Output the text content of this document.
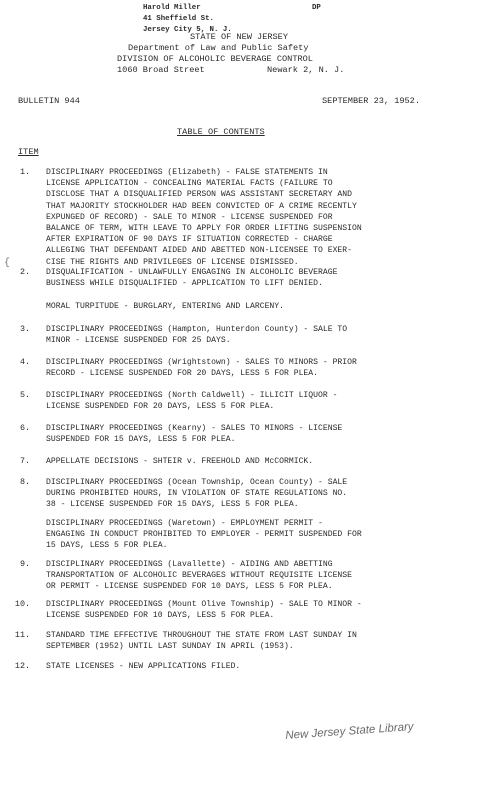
Harold Miller
41 Sheffield St.
Jersey City 5, N. J.
DP
STATE OF NEW JERSEY
Department of Law and Public Safety
DIVISION OF ALCOHOLIC BEVERAGE CONTROL
1060 Broad Street	Newark 2, N. J.
BULLETIN 944	SEPTEMBER 23, 1952.
TABLE OF CONTENTS
ITEM
{
1. DISCIPLINARY PROCEEDINGS (Elizabeth) - FALSE STATEMENTS IN
LICENSE APPLICATION - CONCEALING MATERIAL FACTS (FAILURE TO
DISCLOSE THAT A DISQUALIFIED PERSON WAS ASSISTANT SECRETARY AND
THAT MAJORITY STOCKHOLDER HAD BEEN CONVICTED OF A CRIME RECENTLY
EXPUNGED OF RECORD) - SALE TO MINOR - LICENSE SUSPENDED FOR
BALANCE OF TERM, WITH LEAVE TO APPLY FOR ORDER LIFTING SUSPENSION
AFTER EXPIRATION OF 90 DAYS IF SITUATION CORRECTED - CHARGE
ALLEGING THAT DEFENDANT AIDED AND ABETTED NON-LICENSEE TO EXER-
CISE THE RIGHTS AND PRIVILEGES OF LICENSE DISMISSED.
2. DISQUALIFICATION - UNLAWFULLY ENGAGING IN ALCOHOLIC BEVERAGE
BUSINESS WHILE DISQUALIFIED - APPLICATION TO LIFT DENIED.
MORAL TURPITUDE - BURGLARY, ENTERING AND LARCENY.
3. DISCIPLINARY PROCEEDINGS (Hampton, Hunterdon County) - SALE TO
MINOR - LICENSE SUSPENDED FOR 25 DAYS.
4. DISCIPLINARY PROCEEDINGS (Wrightstown) - SALES TO MINORS - PRIOR
RECORD - LICENSE SUSPENDED FOR 20 DAYS, LESS 5 FOR PLEA.
5. DISCIPLINARY PROCEEDINGS (North Caldwell) - ILLICIT LIQUOR -
LICENSE SUSPENDED FOR 20 DAYS, LESS 5 FOR PLEA.
6. DISCIPLINARY PROCEEDINGS (Kearny) - SALES TO MINORS - LICENSE
SUSPENDED FOR 15 DAYS, LESS 5 FOR PLEA.
7. APPELLATE DECISIONS - SHTEIR v. FREEHOLD AND McCORMICK.
8. DISCIPLINARY PROCEEDINGS (Ocean Township, Ocean County) - SALE
DURING PROHIBITED HOURS, IN VIOLATION OF STATE REGULATIONS NO.
38 - LICENSE SUSPENDED FOR 15 DAYS, LESS 5 FOR PLEA.
DISCIPLINARY PROCEEDINGS (Waretown) - EMPLOYMENT PERMIT -
ENGAGING IN CONDUCT PROHIBITED TO EMPLOYER - PERMIT SUSPENDED FOR
15 DAYS, LESS 5 FOR PLEA.
9. DISCIPLINARY PROCEEDINGS (Lavallette) - AIDING AND ABETTING
TRANSPORTATION OF ALCOHOLIC BEVERAGES WITHOUT REQUISITE LICENSE
OR PERMIT - LICENSE SUSPENDED FOR 10 DAYS, LESS 5 FOR PLEA.
10. DISCIPLINARY PROCEEDINGS (Mount Olive Township) - SALE TO MINOR -
LICENSE SUSPENDED FOR 10 DAYS, LESS 5 FOR PLEA.
11. STANDARD TIME EFFECTIVE THROUGHOUT THE STATE FROM LAST SUNDAY IN
SEPTEMBER (1952) UNTIL LAST SUNDAY IN APRIL (1953).
12. STATE LICENSES - NEW APPLICATIONS FILED.
New Jersey State Library
